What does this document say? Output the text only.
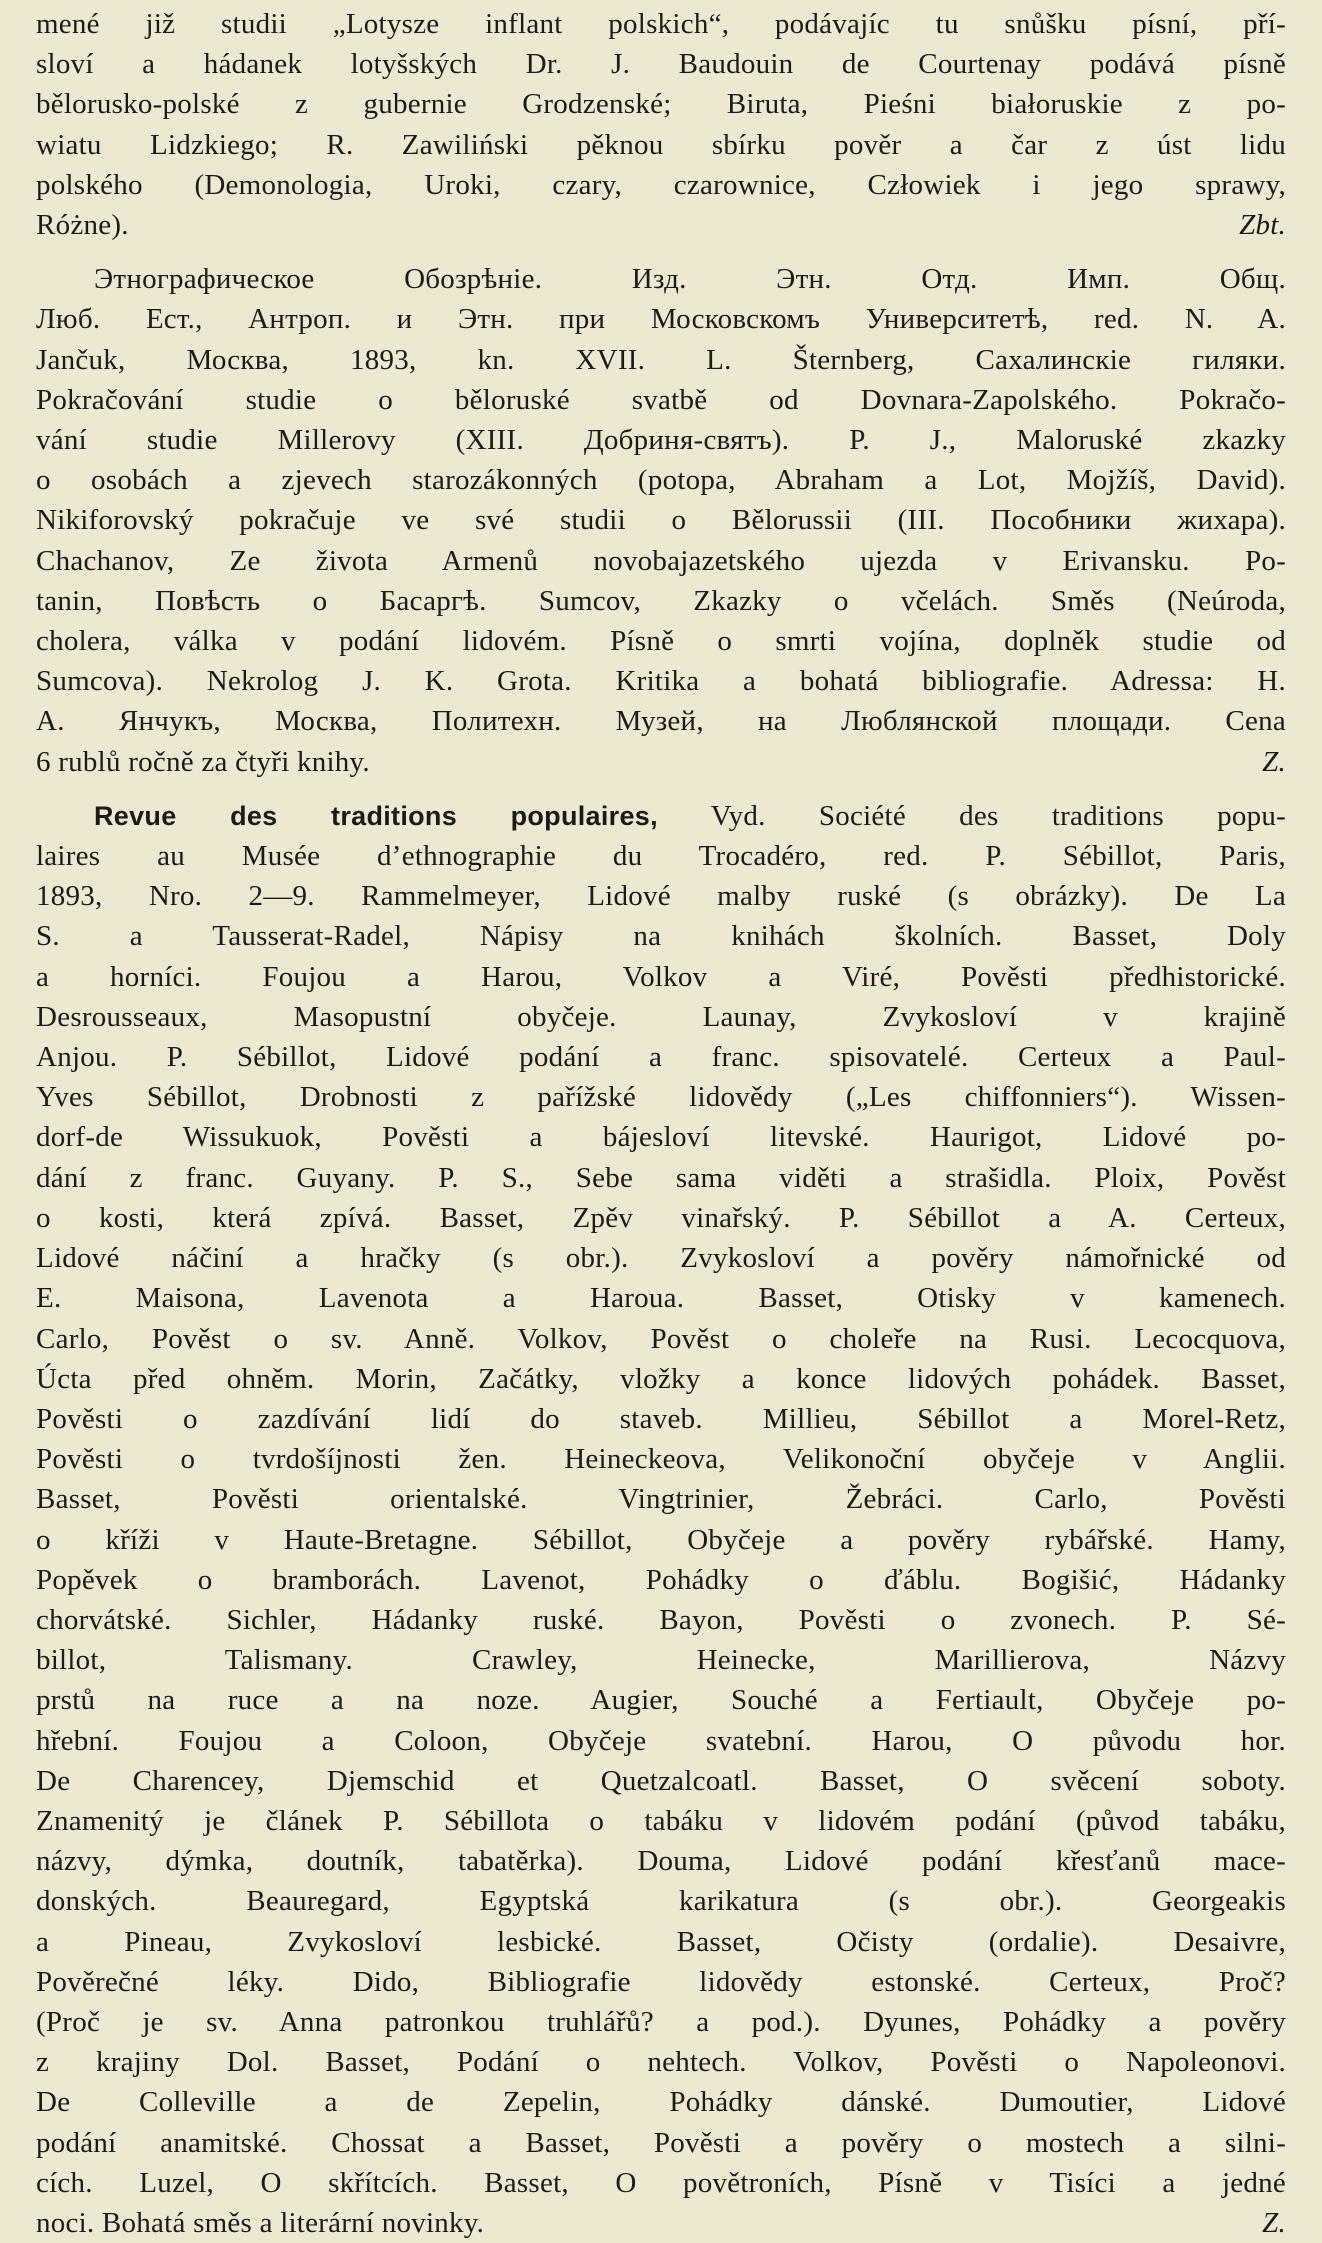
mené již studii „Lotysze inflant polskich“, podávajíc tu snůšku písní, pří-
sloví a hádanek lotyšských Dr. J. Baudouin de Courtenay podává písně
bělorusko-polské z gubernie Grodzenské; Biruta, Pieśni białoruskie z po-
wiatu Lidzkiego; R. Zawiliński pěknou sbírku pověr a čar z úst lidu
polského (Demonologia, Uroki, czary, czarownice, Człowiek i jego sprawy,
Różne).	Zbt.
Этнографическое Обозрѣніе. Изд. Этн. Отд. Имп. Общ.
Люб. Ест., Антроп. и Этн. при Московскомъ Университетѣ, red. N. A.
Jančuk, Москва, 1893, kn. XVII. L. Šternberg, Сахалинскіе гиляки.
Pokračování studie o běloruské svatbě od Dovnara-Zapolského. Pokračo-
vání studie Millerovy (XIII. Добриня-святъ). P. J., Maloruské zkazky
o osobách a zjevech starozákonných (potopa, Abraham a Lot, Mojžíš, David).
Nikiforovský pokračuje ve své studii o Bělorussii (III. Пособники жихара).
Chachanov, Ze života Armenů novobajazetského ujezda v Erivansku. Po-
tanin, Повѣсть о Басаргѣ. Sumcov, Zkazky o včelách. Směs (Neúroda,
cholera, válka v podání lidovém. Písně o smrti vojína, doplněk studie od
Sumcova). Nekrolog J. K. Grota. Kritika a bohatá bibliografie. Adressa: H.
A. Янчукъ, Москва, Политехн. Музей, на Люблянской площади. Cena
6 rublů ročně za čtyři knihy.	Z.
Revue des traditions populaires, Vyd. Société des traditions popu-
laires au Musée d’ethnographie du Trocadéro, red. P. Sébillot, Paris,
1893, Nro. 2—9. Rammelmeyer, Lidové malby ruské (s obrázky). De La
S. a Tausserat-Radel, Nápisy na knihách školních. Basset, Doly
a horníci. Foujou a Harou, Volkov a Viré, Pověsti předhistorické.
Desrousseaux, Masopustní obyčeje. Launay, Zvykosloví v krajině
Anjou. P. Sébillot, Lidové podání a franc. spisovatelé. Certeux a Paul-
Yves Sébillot, Drobnosti z pařížské lidovědy („Les chiffonniers“). Wissen-
dorf-de Wissukuok, Pověsti a bájesloví litevské. Haurigot, Lidové po-
dání z franc. Guyany. P. S., Sebe sama viděti a strašidla. Ploix, Pověst
o kosti, která zpívá. Basset, Zpěv vinařský. P. Sébillot a A. Certeux,
Lidové náčiní a hračky (s obr.). Zvykosloví a pověry námořnické od
E. Maisona, Lavenota a Haroua. Basset, Otisky v kamenech.
Carlo, Pověst o sv. Anně. Volkov, Pověst o choleře na Rusi. Lecocquova,
Úcta před ohněm. Morin, Začátky, vložky a konce lidových pohádek. Basset,
Pověsti o zazdívání lidí do staveb. Millieu, Sébillot a Morel-Retz,
Pověsti o tvrdošíjnosti žen. Heineckeova, Velikonoční obyčeje v Anglii.
Basset, Pověsti orientalské. Vingtrinier, Žebráci. Carlo, Pověsti
o kříži v Haute-Bretagne. Sébillot, Obyčeje a pověry rybářské. Hamy,
Popěvek o bramborách. Lavenot, Pohádky o ďáblu. Bogišić, Hádanky
chorvátské. Sichler, Hádanky ruské. Bayon, Pověsti o zvonech. P. Sé-
billot, Talismany. Crawley, Heinecke, Marillierova, Názvy
prstů na ruce a na noze. Augier, Souché a Fertiault, Obyčeje po-
hřební. Foujou a Coloon, Obyčeje svatební. Harou, O původu hor.
De Charencey, Djemschid et Quetzalcoatl. Basset, O svěcení soboty.
Znamenitý je článek P. Sébillota o tabáku v lidovém podání (původ tabáku,
názvy, dýmka, doutník, tabatěrka). Douma, Lidové podání křesťanů mace-
donských. Beauregard, Egyptská karikatura (s obr.). Georgeakis
a Pineau, Zvykosloví lesbické. Basset, Očisty (ordalie). Desaivre,
Pověrečné léky. Dido, Bibliografie lidovědy estonské. Certeux, Proč?
(Proč je sv. Anna patronkou truhlářů? a pod.). Dyunes, Pohádky a pověry
z krajiny Dol. Basset, Podání o nehtech. Volkov, Pověsti o Napoleonovi.
De Colleville a de Zepelin, Pohádky dánské. Dumoutier, Lidové
podání anamitské. Chossat a Basset, Pověsti a pověry o mostech a silni-
cích. Luzel, O skřítcích. Basset, O povětroních, Písně v Tisíci a jedné
noci. Bohatá směs a literární novinky.	Z.
